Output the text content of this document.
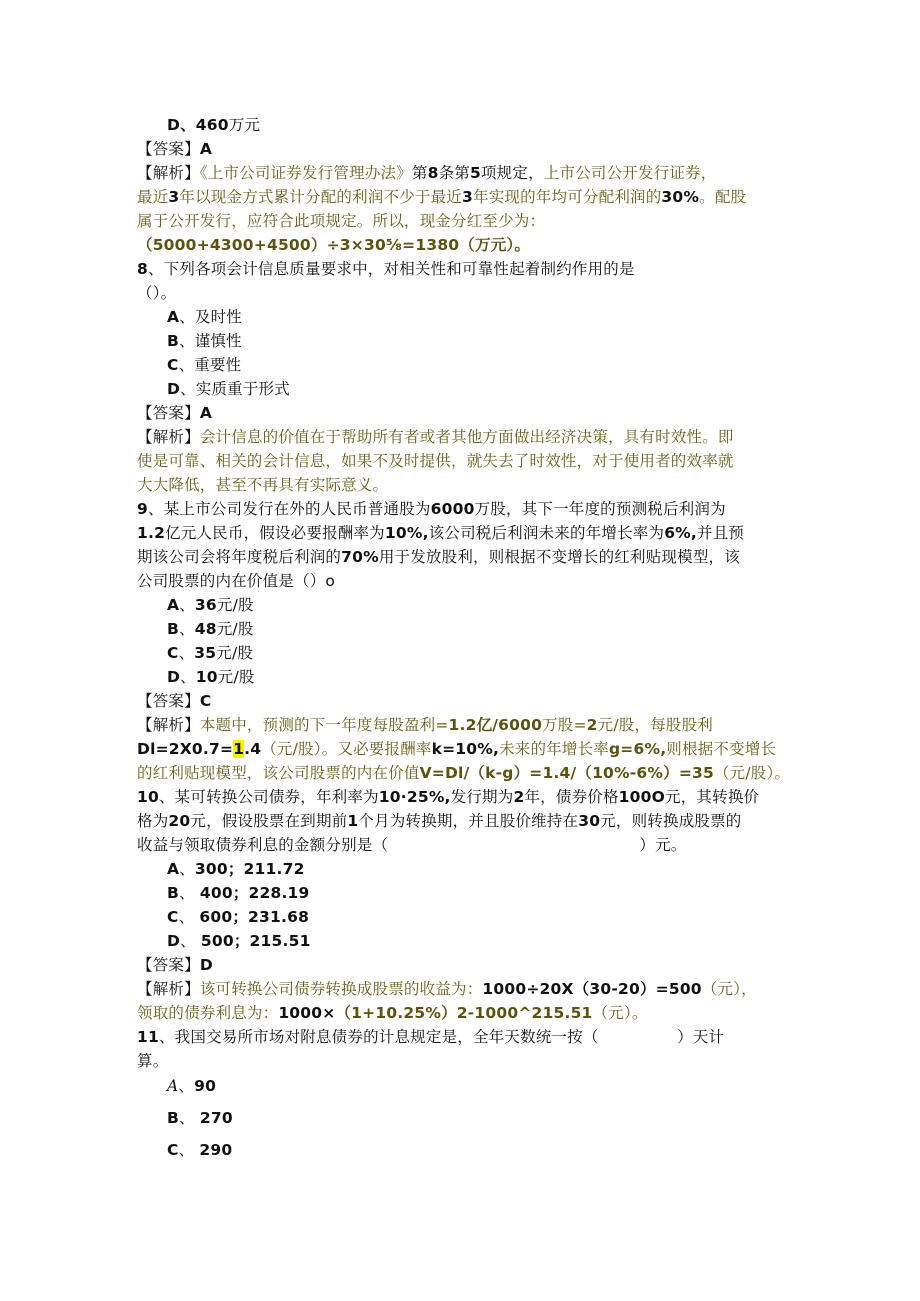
D、460万元
【答案】A
【解析】《上市公司证券发行管理办法》第8条第5项规定，上市公司公开发行证券，
最近3年以现金方式累计分配的利润不少于最近3年实现的年均可分配利润的30%。配股
属于公开发行，应符合此项规定。所以，现金分红至少为：
（5000+4300+4500）÷3×30⅝=1380（万元）。
8、下列各项会计信息质量要求中，对相关性和可靠性起着制约作用的是
（）。
A、及时性
B、谨慎性
C、重要性
D、实质重于形式
【答案】A
【解析】会计信息的价值在于帮助所有者或者其他方面做出经济决策，具有时效性。即
使是可靠、相关的会计信息，如果不及时提供，就失去了时效性，对于使用者的效率就
大大降低，甚至不再具有实际意义。
9、某上市公司发行在外的人民币普通股为6000万股，其下一年度的预测税后利润为
1.2亿元人民币，假设必要报酬率为10%,该公司税后利润未来的年增长率为6%,并且预
期该公司会将年度税后利润的70%用于发放股利，则根据不变增长的红利贴现模型，该
公司股票的内在价值是（）o
A、36元/股
B、48元/股
C、35元/股
D、10元/股
【答案】C
【解析】本题中，预测的下一年度每股盈利=1.2亿/6000万股=2元/股，每股股利
Dl=2X0.7=1.4（元/股）。又必要报酬率k=10%,未来的年增长率g=6%,则根据不变增长
的红利贴现模型，该公司股票的内在价值V=Dl/（k-g）=1.4/（10%-6%）=35（元/股）。
10、某可转换公司债券，年利率为10·25%,发行期为2年，债券价格100O元，其转换价
格为20元，假设股票在到期前1个月为转换期，并且股价维持在30元，则转换成股票的
收益与领取债券利息的金额分别是（　　　　　　　　　　　　　　　　）元。
A、300；211.72
B、 400；228.19
C、 600；231.68
D、 500；215.51
【答案】D
【解析】该可转换公司债券转换成股票的收益为：1000÷20X（30-20）=500（元），
领取的债券利息为：1000×（1+10.25%）2-1000^215.51（元）。
11、我国交易所市场对附息债券的计息规定是，全年天数统一按（　　　　　）天计
算。
A、90
B、 270
C、 290
